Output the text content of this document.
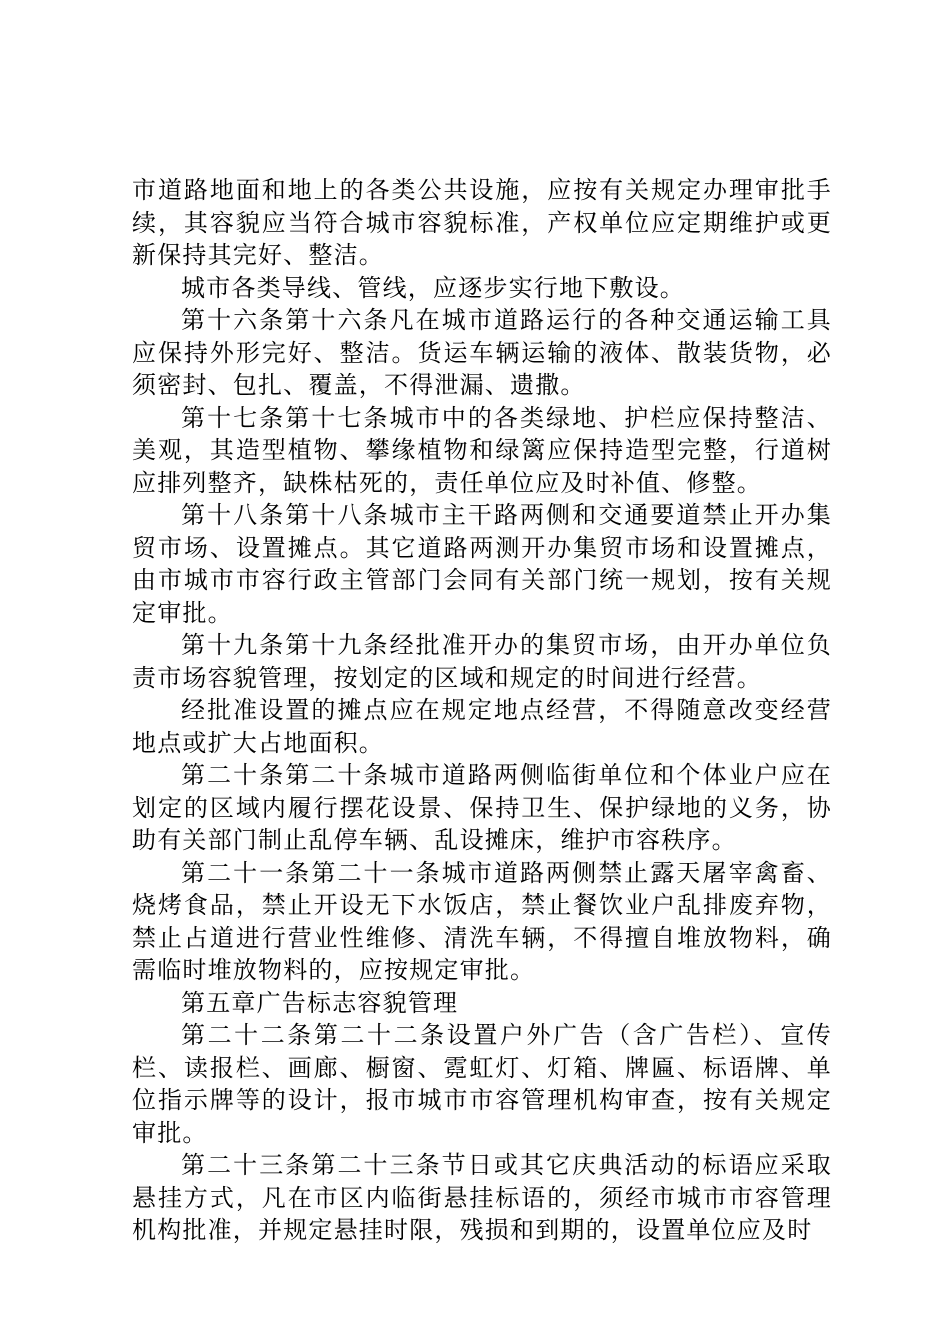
市道路地面和地上的各类公共设施，应按有关规定办理审批手续，其容貌应当符合城市容貌标准，产权单位应定期维护或更新保持其完好、整洁。

城市各类导线、管线，应逐步实行地下敷设。

第十六条第十六条凡在城市道路运行的各种交通运输工具应保持外形完好、整洁。货运车辆运输的液体、散装货物，必须密封、包扎、覆盖，不得泄漏、遗撒。

第十七条第十七条城市中的各类绿地、护栏应保持整洁、美观，其造型植物、攀缘植物和绿篱应保持造型完整，行道树应排列整齐，缺株枯死的，责任单位应及时补值、修整。

第十八条第十八条城市主干路两侧和交通要道禁止开办集贸市场、设置摊点。其它道路两测开办集贸市场和设置摊点，由市城市市容行政主管部门会同有关部门统一规划，按有关规定审批。

第十九条第十九条经批准开办的集贸市场，由开办单位负责市场容貌管理，按划定的区域和规定的时间进行经营。

经批准设置的摊点应在规定地点经营，不得随意改变经营地点或扩大占地面积。

第二十条第二十条城市道路两侧临街单位和个体业户应在划定的区域内履行摆花设景、保持卫生、保护绿地的义务，协助有关部门制止乱停车辆、乱设摊床，维护市容秩序。

第二十一条第二十一条城市道路两侧禁止露天屠宰禽畜、烧烤食品，禁止开设无下水饭店，禁止餐饮业户乱排废弃物，禁止占道进行营业性维修、清洗车辆，不得擅自堆放物料，确需临时堆放物料的，应按规定审批。

第五章广告标志容貌管理

第二十二条第二十二条设置户外广告（含广告栏）、宣传栏、读报栏、画廊、橱窗、霓虹灯、灯箱、牌匾、标语牌、单位指示牌等的设计，报市城市市容管理机构审查，按有关规定审批。

第二十三条第二十三条节日或其它庆典活动的标语应采取悬挂方式，凡在市区内临街悬挂标语的，须经市城市市容管理机构批准，并规定悬挂时限，残损和到期的，设置单位应及时
